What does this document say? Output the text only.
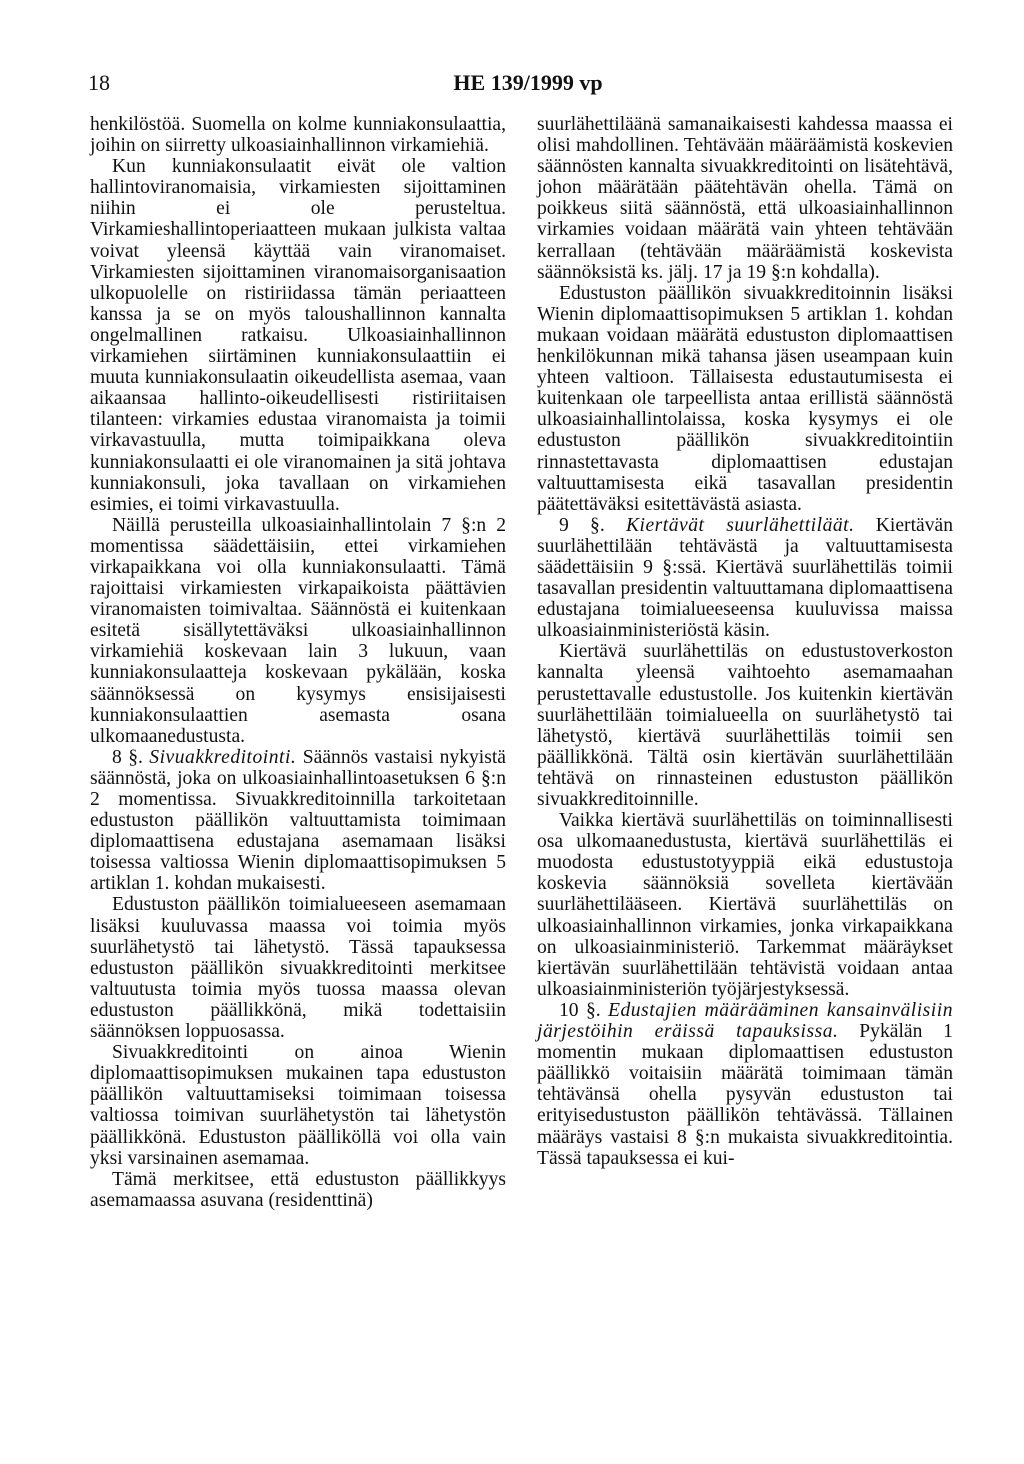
18	HE 139/1999 vp

henkilöstöä. Suomella on kolme kunniakonsulaattia, joihin on siirretty ulkoasiainhallinnon virkamiehiä.

Kun kunniakonsulaatit eivät ole valtion hallintoviranomaisia, virkamiesten sijoittaminen niihin ei ole perusteltua. Virkamieshallintoperiaatteen mukaan julkista valtaa voivat yleensä käyttää vain viranomaiset. Virkamiesten sijoittaminen viranomaisorganisaation ulkopuolelle on ristiriidassa tämän periaatteen kanssa ja se on myös taloushallinnon kannalta ongelmallinen ratkaisu. Ulkoasiainhallinnon virkamiehen siirtäminen kunniakonsulaattiin ei muuta kunniakonsulaatin oikeudellista asemaa, vaan aikaansaa hallinto-oikeudellisesti ristiriitaisen tilanteen: virkamies edustaa viranomaista ja toimii virkavastuulla, mutta toimipaikkana oleva kunniakonsulaatti ei ole viranomainen ja sitä johtava kunniakonsuli, joka tavallaan on virkamiehen esimies, ei toimi virkavastuulla.

Näillä perusteilla ulkoasiainhallintolain 7 §:n 2 momentissa säädettäisiin, ettei virkamiehen virkapaikkana voi olla kunniakonsulaatti. Tämä rajoittaisi virkamiesten virkapaikoista päättävien viranomaisten toimivaltaa. Säännöstä ei kuitenkaan esitetä sisällytettäväksi ulkoasiainhallinnon virkamiehiä koskevaan lain 3 lukuun, vaan kunniakonsulaatteja koskevaan pykälään, koska säännöksessä on kysymys ensisijaisesti kunniakonsulaattien asemasta osana ulkomaanedustusta.

8 §. Sivuakkreditointi. Säännös vastaisi nykyistä säännöstä, joka on ulkoasiainhallintoasetuksen 6 §:n 2 momentissa. Sivuakkreditoinnilla tarkoitetaan edustuston päällikön valtuuttamista toimimaan diplomaattisena edustajana asemamaan lisäksi toisessa valtiossa Wienin diplomaattisopimuksen 5 artiklan 1. kohdan mukaisesti.

Edustuston päällikön toimialueeseen asemamaan lisäksi kuuluvassa maassa voi toimia myös suurlähetystö tai lähetystö. Tässä tapauksessa edustuston päällikön sivuakkreditointi merkitsee valtuutusta toimia myös tuossa maassa olevan edustuston päällikkönä, mikä todettaisiin säännöksen loppuosassa.

Sivuakkreditointi on ainoa Wienin diplomaattisopimuksen mukainen tapa edustuston päällikön valtuuttamiseksi toimimaan toisessa valtiossa toimivan suurlähetystön tai lähetystön päällikkönä. Edustuston päälliköllä voi olla vain yksi varsinainen asemamaa.

Tämä merkitsee, että edustuston päällikkyys asemamaassa asuvana (residenttinä)

suurlähettiläänä samanaikaisesti kahdessa maassa ei olisi mahdollinen. Tehtävään määräämistä koskevien säännösten kannalta sivuakkreditointi on lisätehtävä, johon määrätään päätehtävän ohella. Tämä on poikkeus siitä säännöstä, että ulkoasiainhallinnon virkamies voidaan määrätä vain yhteen tehtävään kerrallaan (tehtävään määräämistä koskevista säännöksistä ks. jälj. 17 ja 19 §:n kohdalla).

Edustuston päällikön sivuakkreditoinnin lisäksi Wienin diplomaattisopimuksen 5 artiklan 1. kohdan mukaan voidaan määrätä edustuston diplomaattisen henkilökunnan mikä tahansa jäsen useampaan kuin yhteen valtioon. Tällaisesta edustautumisesta ei kuitenkaan ole tarpeellista antaa erillistä säännöstä ulkoasiainhallintolaissa, koska kysymys ei ole edustuston päällikön sivuakkreditointiin rinnastettavasta diplomaattisen edustajan valtuuttamisesta eikä tasavallan presidentin päätettäväksi esitettävästä asiasta.

9 §. Kiertävät suurlähettiläät. Kiertävän suurlähettilään tehtävästä ja valtuuttamisesta säädettäisiin 9 §:ssä. Kiertävä suurlähettiläs toimii tasavallan presidentin valtuuttamana diplomaattisena edustajana toimialueeseensa kuuluvissa maissa ulkoasiainministeriöstä käsin.

Kiertävä suurlähettiläs on edustustoverkoston kannalta yleensä vaihtoehto asemamaahan perustettavalle edustustolle. Jos kuitenkin kiertävän suurlähettilään toimialueella on suurlähetystö tai lähetystö, kiertävä suurlähettiläs toimii sen päällikkönä. Tältä osin kiertävän suurlähettilään tehtävä on rinnasteinen edustuston päällikön sivuakkreditoinnille.

Vaikka kiertävä suurlähettiläs on toiminnallisesti osa ulkomaanedustusta, kiertävä suurlähettiläs ei muodosta edustustotyyppiä eikä edustustoja koskevia säännöksiä sovelleta kiertävään suurlähettilääseen. Kiertävä suurlähettiläs on ulkoasiainhallinnon virkamies, jonka virkapaikkana on ulkoasiainministeriö. Tarkemmat määräykset kiertävän suurlähettilään tehtävistä voidaan antaa ulkoasiainministeriön työjärjestyksessä.

10 §. Edustajien määrääminen kansainvälisiin järjestöihin eräissä tapauksissa. Pykälän 1 momentin mukaan diplomaattisen edustuston päällikkö voitaisiin määrätä toimimaan tämän tehtävänsä ohella pysyvän edustuston tai erityisedustuston päällikön tehtävässä. Tällainen määräys vastaisi 8 §:n mukaista sivuakkreditointia. Tässä tapauksessa ei kui-
